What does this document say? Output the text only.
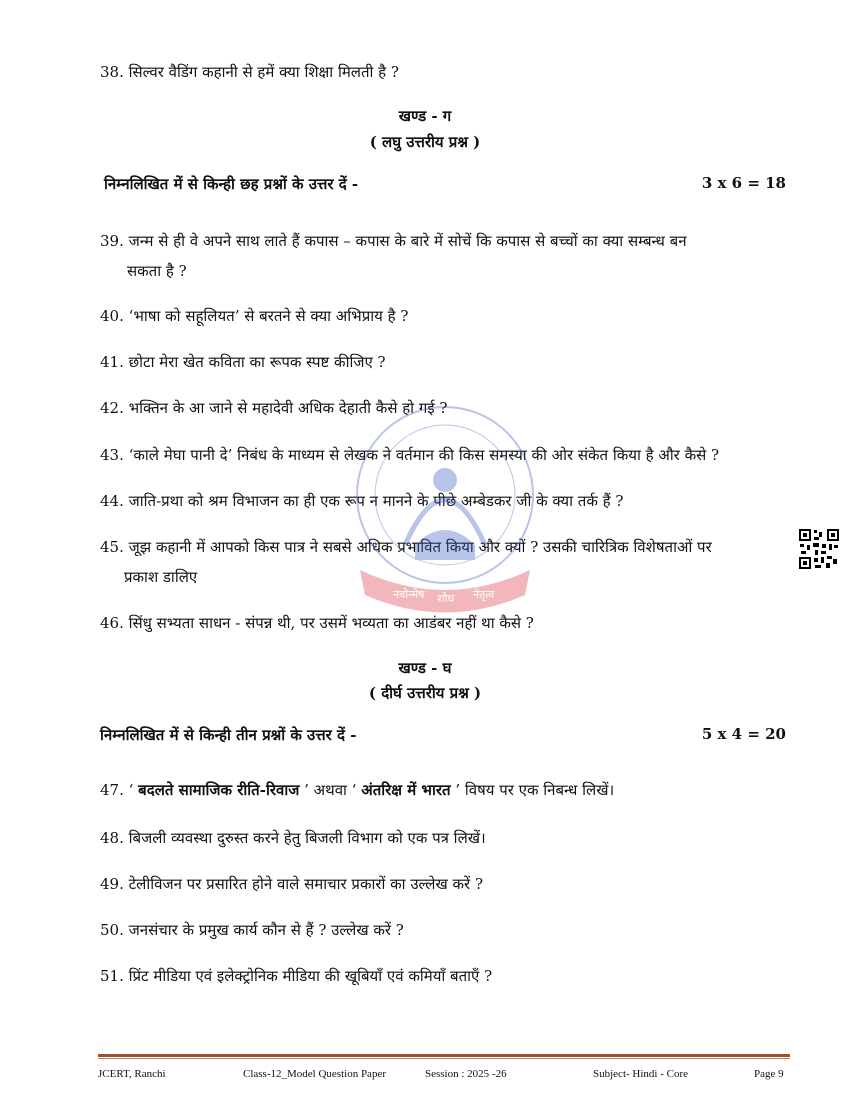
38. सिल्वर वैडिंग कहानी से हमें क्या शिक्षा मिलती है ?
खण्ड - ग
( लघु उत्तरीय प्रश्न )
निम्नलिखित में से किन्ही छह प्रश्नों के उत्तर दें -	3 x 6 = 18
39. जन्म से ही वे अपने साथ लाते हैं कपास – कपास के बारे में सोचें कि कपास से बच्चों का क्या सम्बन्ध बन
सकता है ?
40. ‘भाषा को सहूलियत’ से बरतने से क्या अभिप्राय है ?
41. छोटा मेरा खेत कविता का रूपक स्पष्ट कीजिए ?
42. भक्तिन के आ जाने से महादेवी अधिक देहाती कैसे हो गई ?
43. ‘काले मेघा पानी दे’ निबंध के माध्यम से लेखक ने वर्तमान की किस समस्या की ओर संकेत किया है और कैसे ?
44. जाति-प्रथा को श्रम विभाजन का ही एक रूप न मानने के पीछे अम्बेडकर जी के क्या तर्क हैं ?
45. जूझ कहानी में आपको किस पात्र ने सबसे अधिक प्रभावित किया और क्यों ? उसकी चारित्रिक विशेषताओं पर
प्रकाश डालिए
46. सिंधु सभ्यता साधन - संपन्न थी, पर उसमें भव्यता का आडंबर नहीं था कैसे ?
नवोन्मेष शोध नेतृत्व
खण्ड - घ
( दीर्घ उत्तरीय प्रश्न )
निम्नलिखित में से किन्ही तीन प्रश्नों के उत्तर दें -	5 x 4 = 20
47. ‘ बदलते सामाजिक रीति-रिवाज ’ अथवा ‘ अंतरिक्ष में भारत ’ विषय पर एक निबन्ध लिखें।
48. बिजली व्यवस्था दुरुस्त करने हेतु बिजली विभाग को एक पत्र लिखें।
49. टेलीविजन पर प्रसारित होने वाले समाचार प्रकारों का उल्लेख करें ?
50. जनसंचार के प्रमुख कार्य कौन से हैं ? उल्लेख करें ?
51. प्रिंट मीडिया एवं इलेक्ट्रोनिक मीडिया की खूबियाँ एवं कमियाँ बताएँ ?
JCERT, Ranchi	Class-12_Model Question Paper	Session : 2025 -26	Subject- Hindi - Core	Page 9
